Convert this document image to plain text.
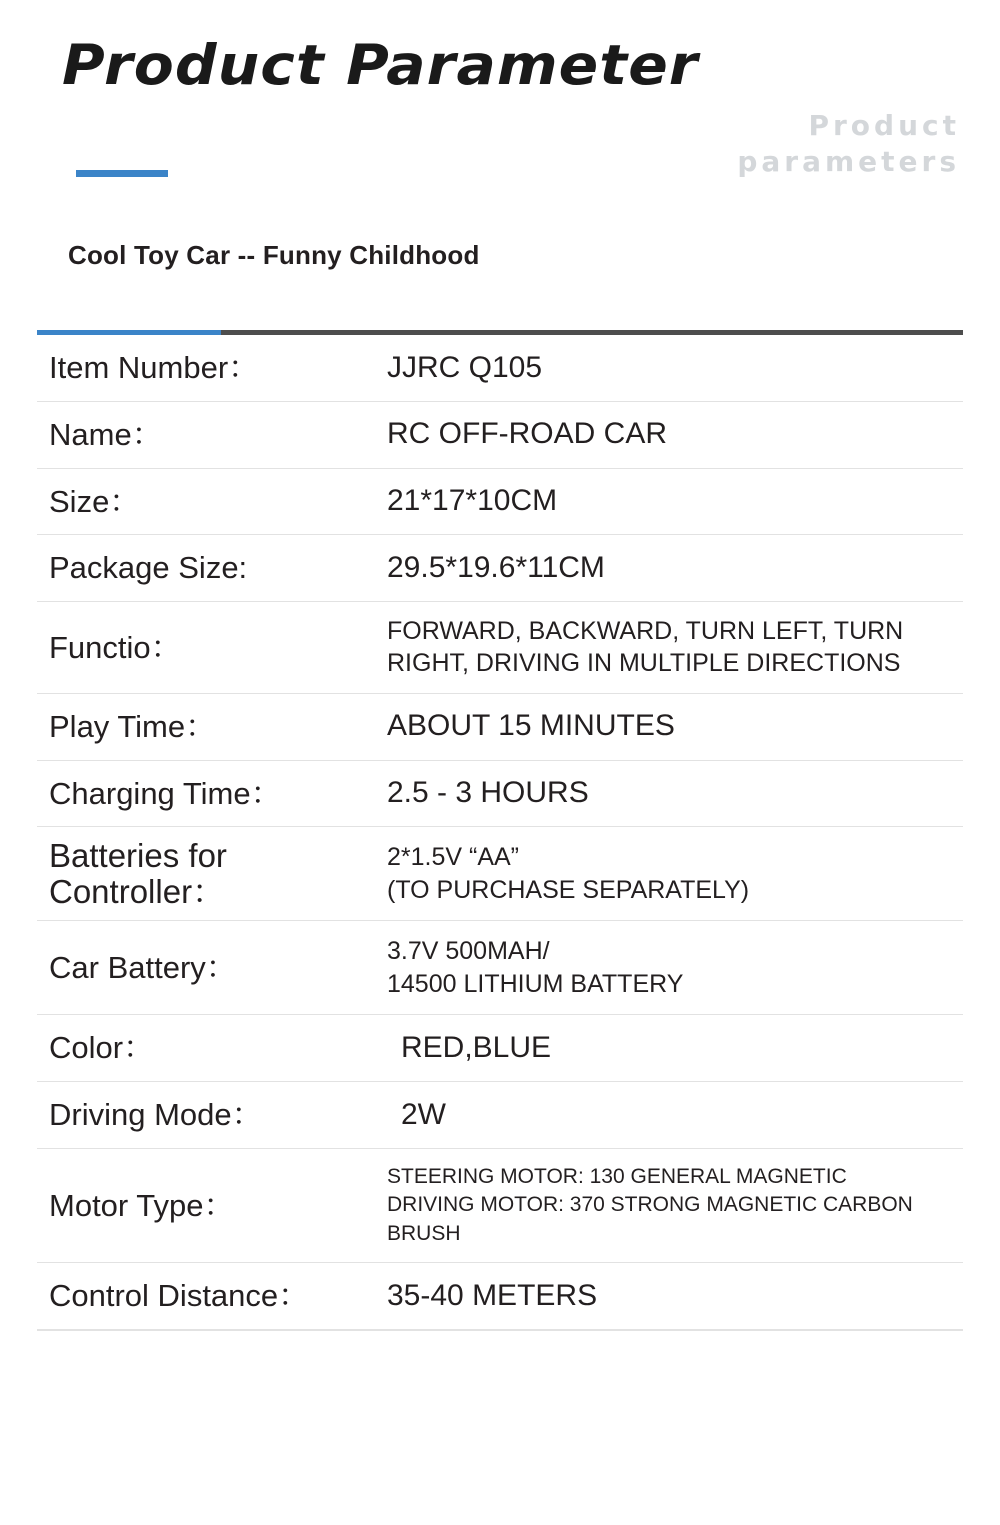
Product Parameter
Product
parameters
Cool Toy Car -- Funny Childhood
Item Number：	JJRC Q105

Name：	RC OFF-ROAD CAR

Size：	21*17*10CM

Package Size:	29.5*19.6*11CM

Functio：	FORWARD, BACKWARD, TURN LEFT, TURN
RIGHT, DRIVING IN MULTIPLE DIRECTIONS

Play Time：	ABOUT 15 MINUTES

Charging Time：	2.5 - 3 HOURS

Batteries for
Controller：	2*1.5V “AA”
(TO PURCHASE SEPARATELY)

Car Battery：	3.7V 500MAH/
14500 LITHIUM BATTERY

Color：	RED,BLUE

Driving Mode：	2W

Motor Type：	STEERING MOTOR: 130 GENERAL MAGNETIC
DRIVING MOTOR: 370 STRONG MAGNETIC CARBON BRUSH

Control Distance：	35-40 METERS
